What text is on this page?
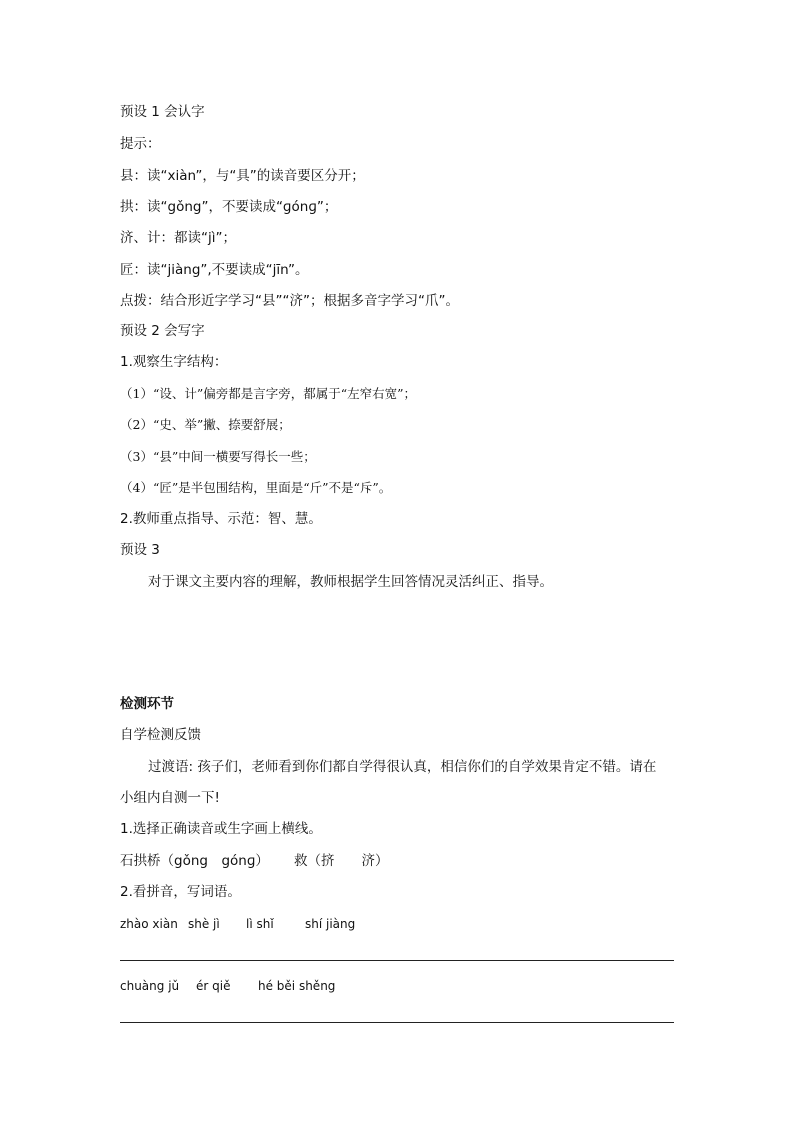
预设 1 会认字
提示：
县：读“xiàn”，与“具”的读音要区分开；
拱：读“gǒng”，不要读成“ɡónɡ”；
济、计：都读“jì”；
匠：读“jiàng”,不要读成“jīn”。
点拨：结合形近字学习“县”“济”；根据多音字学习“爪”。
预设 2 会写字
1.观察生字结构：
（1）“设、计”偏旁都是言字旁，都属于“左窄右宽”；
（2）“史、举”撇、捺要舒展；
（3）“县”中间一横要写得长一些；
（4）“匠”是半包围结构，里面是“斤”不是“斥”。
2.教师重点指导、示范：智、慧。
预设 3
对于课文主要内容的理解，教师根据学生回答情况灵活纠正、指导。
检测环节
自学检测反馈
过渡语: 孩子们，老师看到你们都自学得很认真，相信你们的自学效果肯定不错。请在
小组内自测一下!
1.选择正确读音或生字画上横线。
石拱桥（gǒng　gónɡ） 救（挤　　济）
2.看拼音，写词语。
zhào xiàn shè jì lì shǐ	shí jiàng
chuàng jǔ ér qiě hé běi shěng
